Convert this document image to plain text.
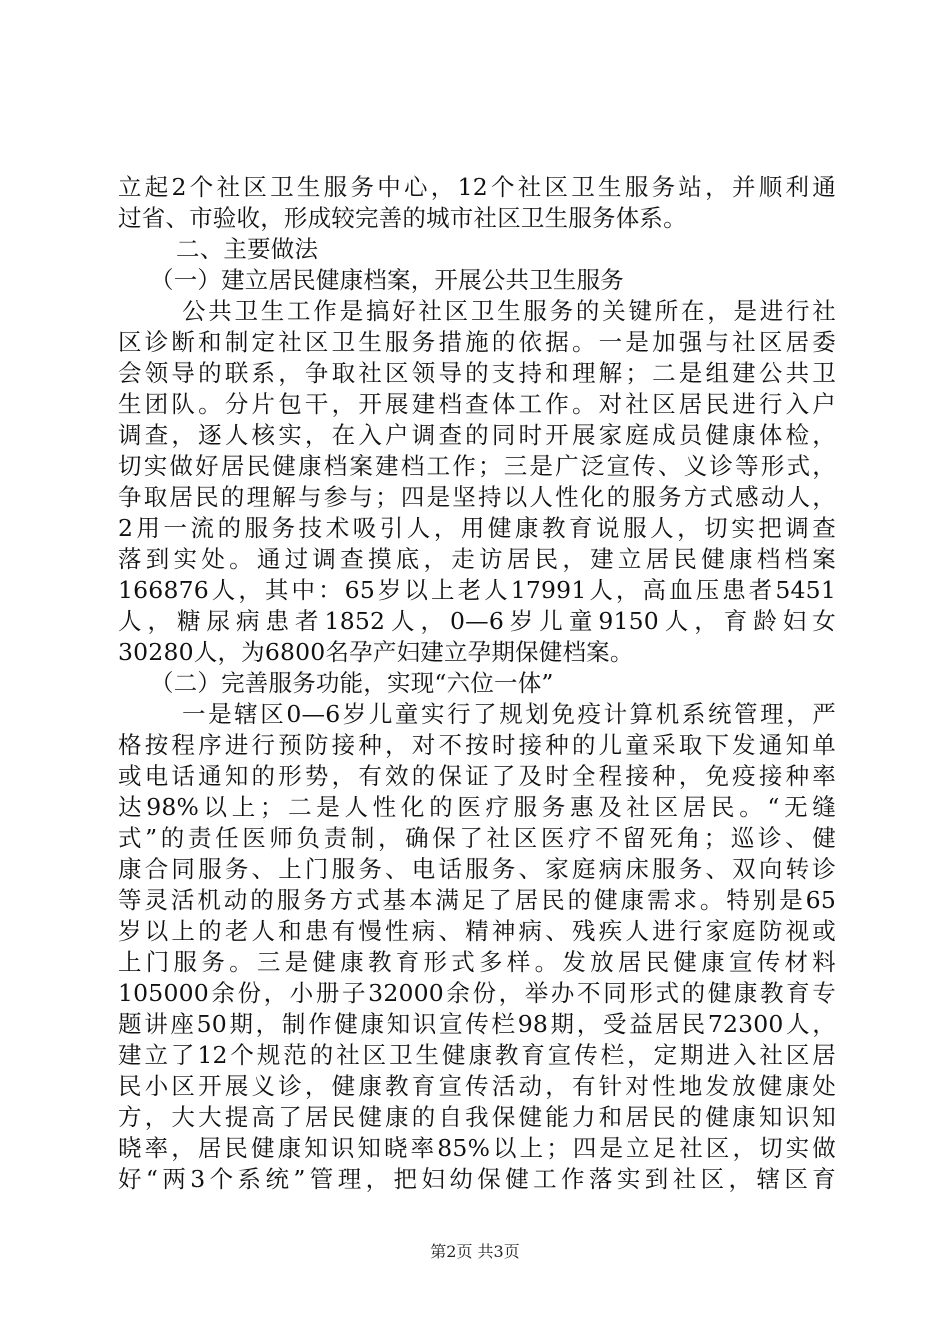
立起2个社区卫生服务中心，12个社区卫生服务站，并顺利通
过省、市验收，形成较完善的城市社区卫生服务体系。
二、主要做法
（一）建立居民健康档案，开展公共卫生服务
公共卫生工作是搞好社区卫生服务的关键所在，是进行社
区诊断和制定社区卫生服务措施的依据。一是加强与社区居委
会领导的联系，争取社区领导的支持和理解；二是组建公共卫
生团队。分片包干，开展建档查体工作。对社区居民进行入户
调查，逐人核实，在入户调查的同时开展家庭成员健康体检，
切实做好居民健康档案建档工作；三是广泛宣传、义诊等形式，
争取居民的理解与参与；四是坚持以人性化的服务方式感动人，
2用一流的服务技术吸引人，用健康教育说服人，切实把调查
落到实处。通过调查摸底，走访居民，建立居民健康档档案
166876人，其中：65岁以上老人17991人，高血压患者5451
人，糖尿病患者1852人，0—6岁儿童9150人，育龄妇女
30280人，为6800名孕产妇建立孕期保健档案。
（二）完善服务功能，实现“六位一体”
一是辖区0—6岁儿童实行了规划免疫计算机系统管理，严
格按程序进行预防接种，对不按时接种的儿童采取下发通知单
或电话通知的形势，有效的保证了及时全程接种，免疫接种率
达98%以上；二是人性化的医疗服务惠及社区居民。“无缝
式”的责任医师负责制，确保了社区医疗不留死角；巡诊、健
康合同服务、上门服务、电话服务、家庭病床服务、双向转诊
等灵活机动的服务方式基本满足了居民的健康需求。特别是65
岁以上的老人和患有慢性病、精神病、残疾人进行家庭防视或
上门服务。三是健康教育形式多样。发放居民健康宣传材料
105000余份，小册子32000余份，举办不同形式的健康教育专
题讲座50期，制作健康知识宣传栏98期，受益居民72300人，
建立了12个规范的社区卫生健康教育宣传栏，定期进入社区居
民小区开展义诊，健康教育宣传活动，有针对性地发放健康处
方，大大提高了居民健康的自我保健能力和居民的健康知识知
晓率，居民健康知识知晓率85%以上；四是立足社区，切实做
好“两3个系统”管理，把妇幼保健工作落实到社区，辖区育
第2页 共3页
